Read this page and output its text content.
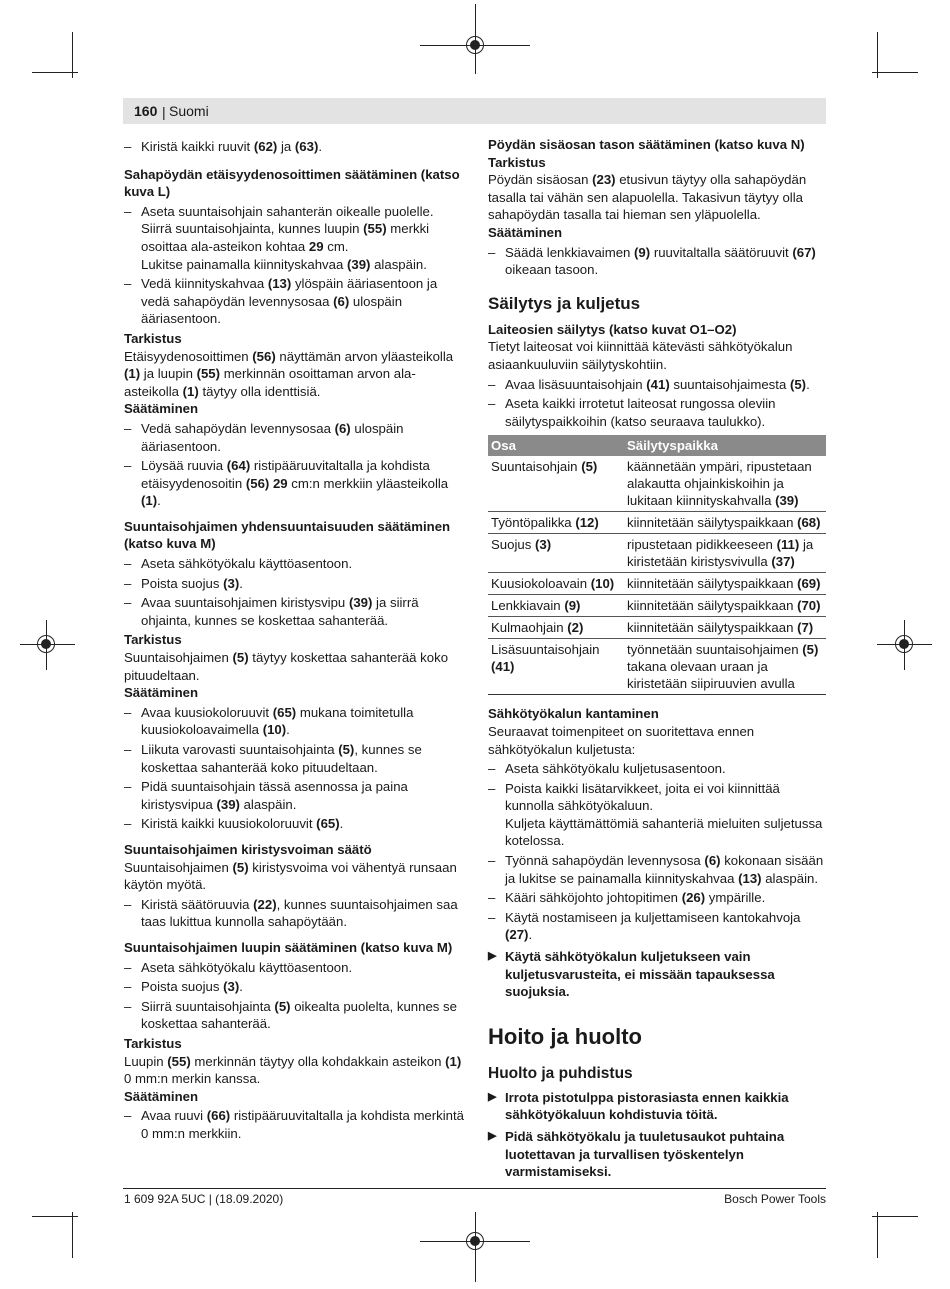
160 | Suomi

– Kiristä kaikki ruuvit (62) ja (63).

Sahapöydän etäisyydenosoittimen säätäminen (katso kuva L)

– Aseta suuntaisohjain sahanterän oikealle puolelle. Siirrä suuntaisohjainta, kunnes luupin (55) merkki osoittaa ala-asteikon kohtaa 29 cm.
Lukitse painamalla kiinnityskahvaa (39) alaspäin.

– Vedä kiinnityskahvaa (13) ylöspäin ääriasentoon ja vedä sahapöydän levennysosaa (6) ulospäin ääriasentoon.

Tarkistus

Etäisyydenosoittimen (56) näyttämän arvon yläasteikolla (1) ja luupin (55) merkinnän osoittaman arvon ala-asteikolla (1) täytyy olla identtisiä.

Säätäminen

– Vedä sahapöydän levennysosaa (6) ulospäin ääriasentoon.

– Löysää ruuvia (64) ristipääruuvitaltalla ja kohdista etäisyydenosoitin (56) 29 cm:n merkkiin yläasteikolla (1).

Suuntaisohjaimen yhdensuuntaisuuden säätäminen (katso kuva M)

– Aseta sähkötyökalu käyttöasentoon.

– Poista suojus (3).

– Avaa suuntaisohjaimen kiristysvipu (39) ja siirrä ohjainta, kunnes se koskettaa sahanterää.

Tarkistus

Suuntaisohjaimen (5) täytyy koskettaa sahanterää koko pituudeltaan.

Säätäminen

– Avaa kuusiokoloruuvit (65) mukana toimitetulla kuusiokoloavaimella (10).

– Liikuta varovasti suuntaisohjainta (5), kunnes se koskettaa sahanterää koko pituudeltaan.

– Pidä suuntaisohjain tässä asennossa ja paina kiristysvipua (39) alaspäin.

– Kiristä kaikki kuusiokoloruuvit (65).

Suuntaisohjaimen kiristysvoiman säätö

Suuntaisohjaimen (5) kiristysvoima voi vähentyä runsaan käytön myötä.

– Kiristä säätöruuvia (22), kunnes suuntaisohjaimen saa taas lukittua kunnolla sahapöytään.

Suuntaisohjaimen luupin säätäminen (katso kuva M)

– Aseta sähkötyökalu käyttöasentoon.

– Poista suojus (3).

– Siirrä suuntaisohjainta (5) oikealta puolelta, kunnes se koskettaa sahanterää.

Tarkistus

Luupin (55) merkinnän täytyy olla kohdakkain asteikon (1) 0 mm:n merkin kanssa.

Säätäminen

– Avaa ruuvi (66) ristipääruuvitaltalla ja kohdista merkintä 0 mm:n merkkiin.

Pöydän sisäosan tason säätäminen (katso kuva N)

Tarkistus

Pöydän sisäosan (23) etusivun täytyy olla sahapöydän tasalla tai vähän sen alapuolella. Takasivun täytyy olla sahapöydän tasalla tai hieman sen yläpuolella.

Säätäminen

– Säädä lenkkiavaimen (9) ruuvitaltalla säätöruuvit (67) oikeaan tasoon.

Säilytys ja kuljetus

Laiteosien säilytys (katso kuvat O1–O2)

Tietyt laiteosat voi kiinnittää kätevästi sähkötyökalun asiaankuuluviin säilytyskohtiin.

– Avaa lisäsuuntaisohjain (41) suuntaisohjaimesta (5).

– Aseta kaikki irrotetut laiteosat rungossa oleviin säilytyspaikkoihin (katso seuraava taulukko).

Osa	Säilytyspaikka
Suuntaisohjain (5)	käännetään ympäri, ripustetaan alakautta ohjainkiskoihin ja lukitaan kiinnityskahvalla (39)
Työntöpalikka (12)	kiinnitetään säilytyspaikkaan (68)
Suojus (3)	ripustetaan pidikkeeseen (11) ja kiristetään kiristysvivulla (37)
Kuusiokoloavain (10)	kiinnitetään säilytyspaikkaan (69)
Lenkkiavain (9)	kiinnitetään säilytyspaikkaan (70)
Kulmaohjain (2)	kiinnitetään säilytyspaikkaan (7)
Lisäsuuntaisohjain (41)	työnnetään suuntaisohjaimen (5) takana olevaan uraan ja kiristetään siipiruuvien avulla

Sähkötyökalun kantaminen

Seuraavat toimenpiteet on suoritettava ennen sähkötyökalun kuljetusta:

– Aseta sähkötyökalu kuljetusasentoon.

– Poista kaikki lisätarvikkeet, joita ei voi kiinnittää kunnolla sähkötyökaluun.
Kuljeta käyttämättömiä sahanteriä mieluiten suljetussa kotelossa.

– Työnnä sahapöydän levennysosa (6) kokonaan sisään ja lukitse se painamalla kiinnityskahvaa (13) alaspäin.

– Kääri sähköjohto johtopitimen (26) ympärille.

– Käytä nostamiseen ja kuljettamiseen kantokahvoja (27).

▶ Käytä sähkötyökalun kuljetukseen vain kuljetusvarusteita, ei missään tapauksessa suojuksia.

Hoito ja huolto

Huolto ja puhdistus

▶ Irrota pistotulppa pistorasiasta ennen kaikkia sähkötyökaluun kohdistuvia töitä.

▶ Pidä sähkötyökalu ja tuuletusaukot puhtaina luotettavan ja turvallisen työskentelyn varmistamiseksi.

1 609 92A 5UC | (18.09.2020)	Bosch Power Tools
